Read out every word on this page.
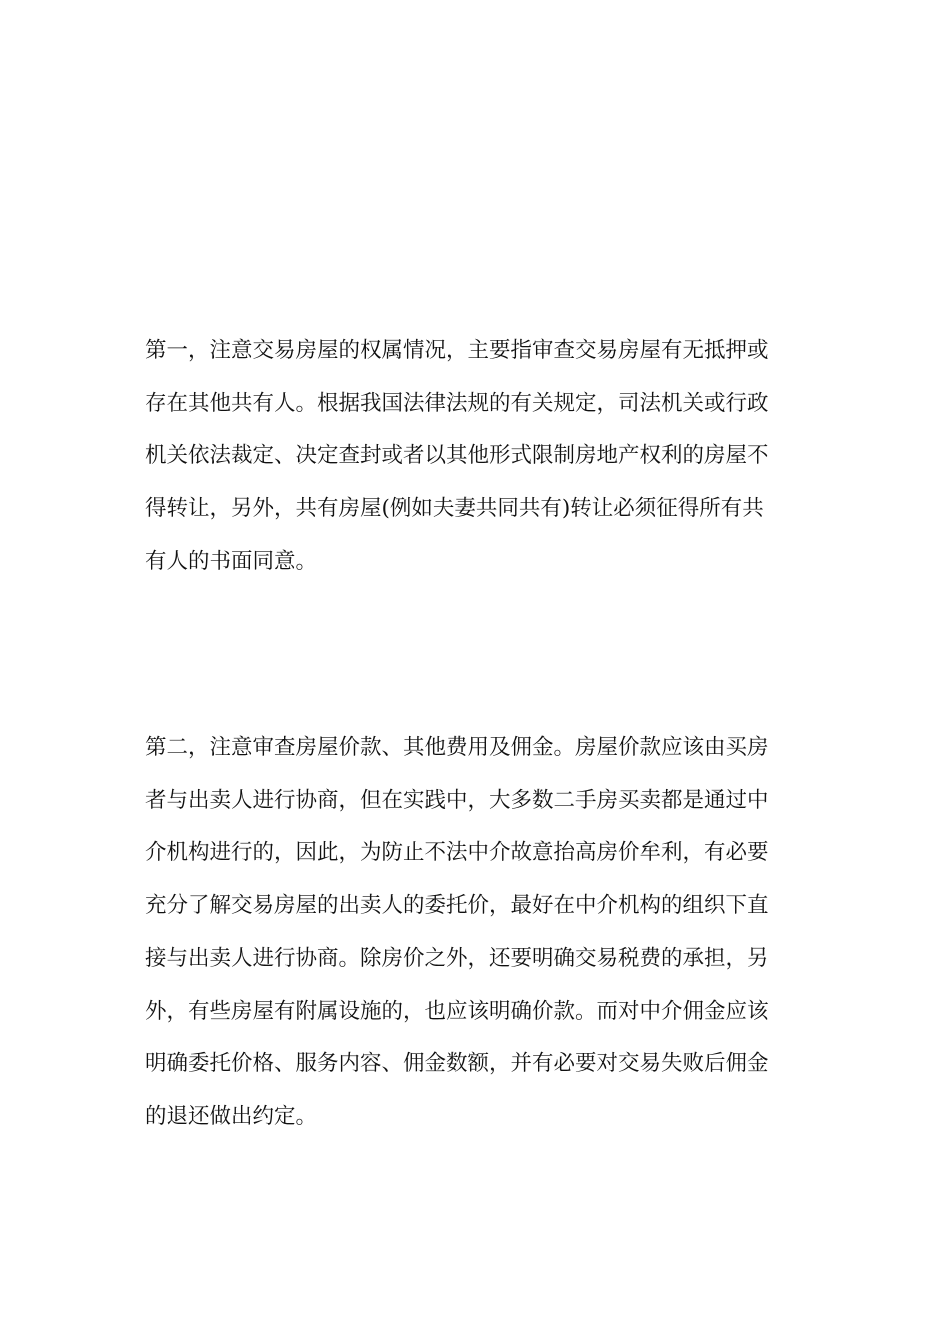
第一，注意交易房屋的权属情况，主要指审查交易房屋有无抵押或
存在其他共有人。根据我国法律法规的有关规定，司法机关或行政
机关依法裁定、决定查封或者以其他形式限制房地产权利的房屋不
得转让，另外，共有房屋(例如夫妻共同共有)转让必须征得所有共
有人的书面同意。

第二，注意审查房屋价款、其他费用及佣金。房屋价款应该由买房
者与出卖人进行协商，但在实践中，大多数二手房买卖都是通过中
介机构进行的，因此，为防止不法中介故意抬高房价牟利，有必要
充分了解交易房屋的出卖人的委托价，最好在中介机构的组织下直
接与出卖人进行协商。除房价之外，还要明确交易税费的承担，另
外，有些房屋有附属设施的，也应该明确价款。而对中介佣金应该
明确委托价格、服务内容、佣金数额，并有必要对交易失败后佣金
的退还做出约定。
